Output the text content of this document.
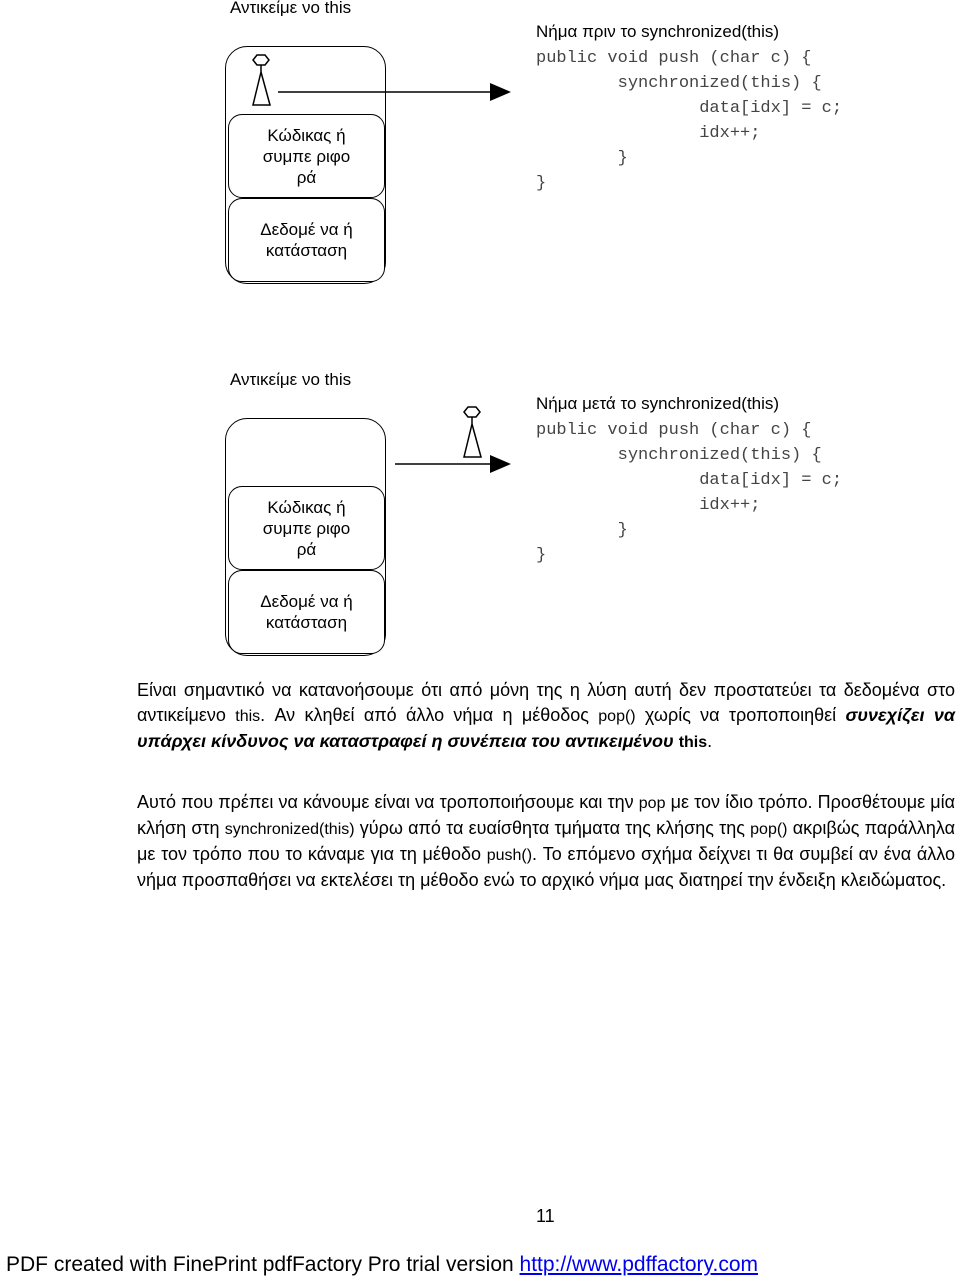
Αντικείμε νο this
Κώδικας ή συμπε ριφο ρά
Δεδομέ να ή κατάσταση
Νήμα πριν το synchronized(this)
public void push (char c) {
synchronized(this) {
data[idx] = c;
idx++;
}
}
Αντικείμε νο this
Κώδικας ή συμπε ριφο ρά
Δεδομέ να ή κατάσταση
Νήμα μετά το synchronized(this)
public void push (char c) {
synchronized(this) {
data[idx] = c;
idx++;
}
}

Είναι σημαντικό να κατανοήσουμε ότι από μόνη της η λύση αυτή δεν προστατεύει τα δεδομένα στο αντικείμενο this. Αν κληθεί από άλλο νήμα η μέθοδος pop() χωρίς να τροποποιηθεί συνεχίζει να υπάρχει κίνδυνος να καταστραφεί η συνέπεια του αντικειμένου this.

Αυτό που πρέπει να κάνουμε είναι να τροποποιήσουμε και την pop με τον ίδιο τρόπο. Προσθέτουμε μία κλήση στη synchronized(this) γύρω από τα ευαίσθητα τμήματα της κλήσης της pop() ακριβώς παράλληλα με τον τρόπο που το κάναμε για τη μέθοδο push(). Το επόμενο σχήμα δείχνει τι θα συμβεί αν ένα άλλο νήμα προσπαθήσει να εκτελέσει τη μέθοδο ενώ το αρχικό νήμα μας διατηρεί την ένδειξη κλειδώματος.

11
PDF created with FinePrint pdfFactory Pro trial version http://www.pdffactory.com
